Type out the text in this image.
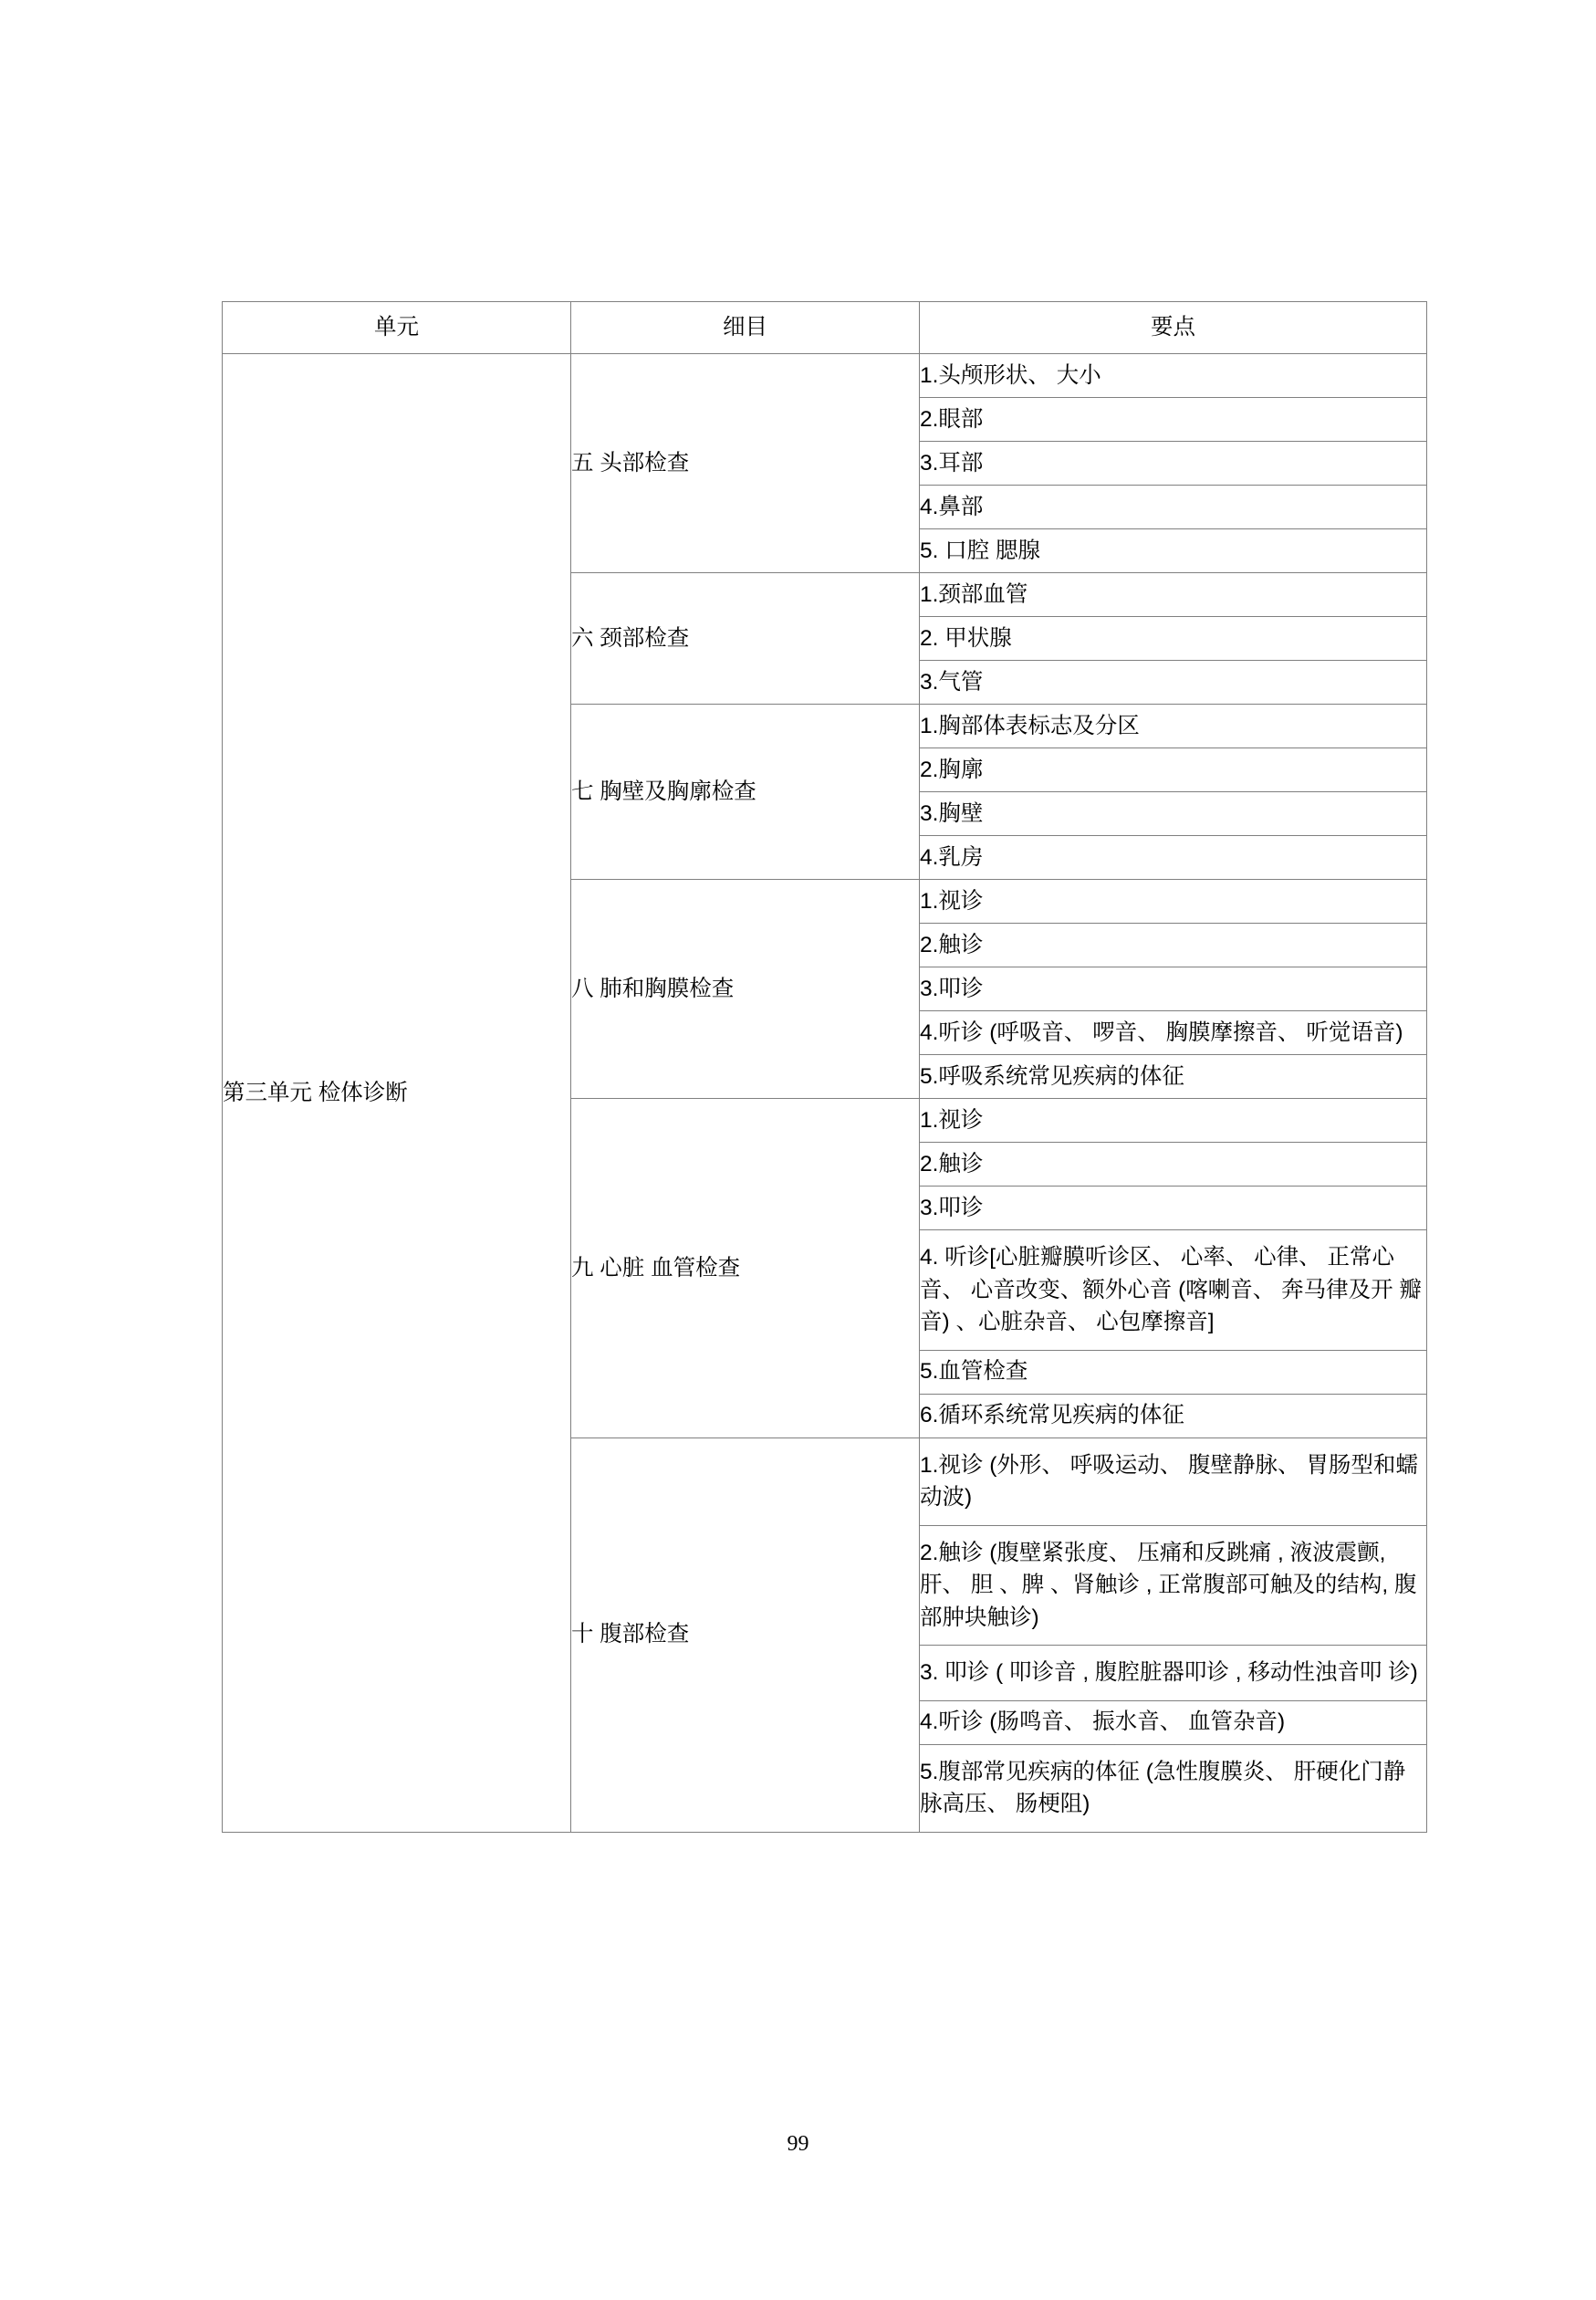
单元	细目	要点
第三单元 检体诊断	五 头部检查	1.头颅形状、 大小
		2.眼部
		3.耳部
		4.鼻部
		5. 口腔 腮腺
	六 颈部检查	1.颈部血管
		2. 甲状腺
		3.气管
	七 胸壁及胸廓检查	1.胸部体表标志及分区
		2.胸廓
		3.胸壁
		4.乳房
	八 肺和胸膜检查	1.视诊
		2.触诊
		3.叩诊
		4.听诊 (呼吸音、 啰音、 胸膜摩擦音、 听觉语音)
		5.呼吸系统常见疾病的体征
	九 心脏 血管检查	1.视诊
		2.触诊
		3.叩诊
		4. 听诊[心脏瓣膜听诊区、 心率、 心律、 正常心 音、 心音改变、额外心音 (喀喇音、 奔马律及开 瓣音) 、心脏杂音、 心包摩擦音]
		5.血管检查
		6.循环系统常见疾病的体征
	十 腹部检查	1.视诊 (外形、 呼吸运动、 腹壁静脉、 胃肠型和蠕动波)
		2.触诊 (腹壁紧张度、 压痛和反跳痛 , 液波震颤, 肝、 胆 、脾 、肾触诊 , 正常腹部可触及的结构, 腹部肿块触诊)
		3. 叩诊 ( 叩诊音 , 腹腔脏器叩诊 , 移动性浊音叩 诊)
		4.听诊 (肠鸣音、 振水音、 血管杂音)
		5.腹部常见疾病的体征 (急性腹膜炎、 肝硬化门静脉高压、 肠梗阻)
99
